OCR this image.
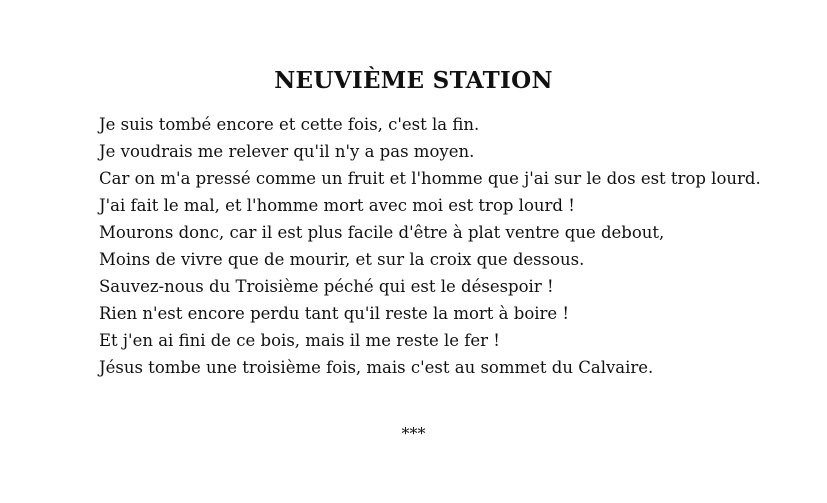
NEUVIÈME STATION

Je suis tombé encore et cette fois, c'est la fin.

Je voudrais me relever qu'il n'y a pas moyen.

Car on m'a pressé comme un fruit et l'homme que j'ai sur le dos est trop lourd.

J'ai fait le mal, et l'homme mort avec moi est trop lourd !

Mourons donc, car il est plus facile d'être à plat ventre que debout,

Moins de vivre que de mourir, et sur la croix que dessous.

Sauvez-nous du Troisième péché qui est le désespoir !

Rien n'est encore perdu tant qu'il reste la mort à boire !

Et j'en ai fini de ce bois, mais il me reste le fer !

Jésus tombe une troisième fois, mais c'est au sommet du Calvaire.

***
